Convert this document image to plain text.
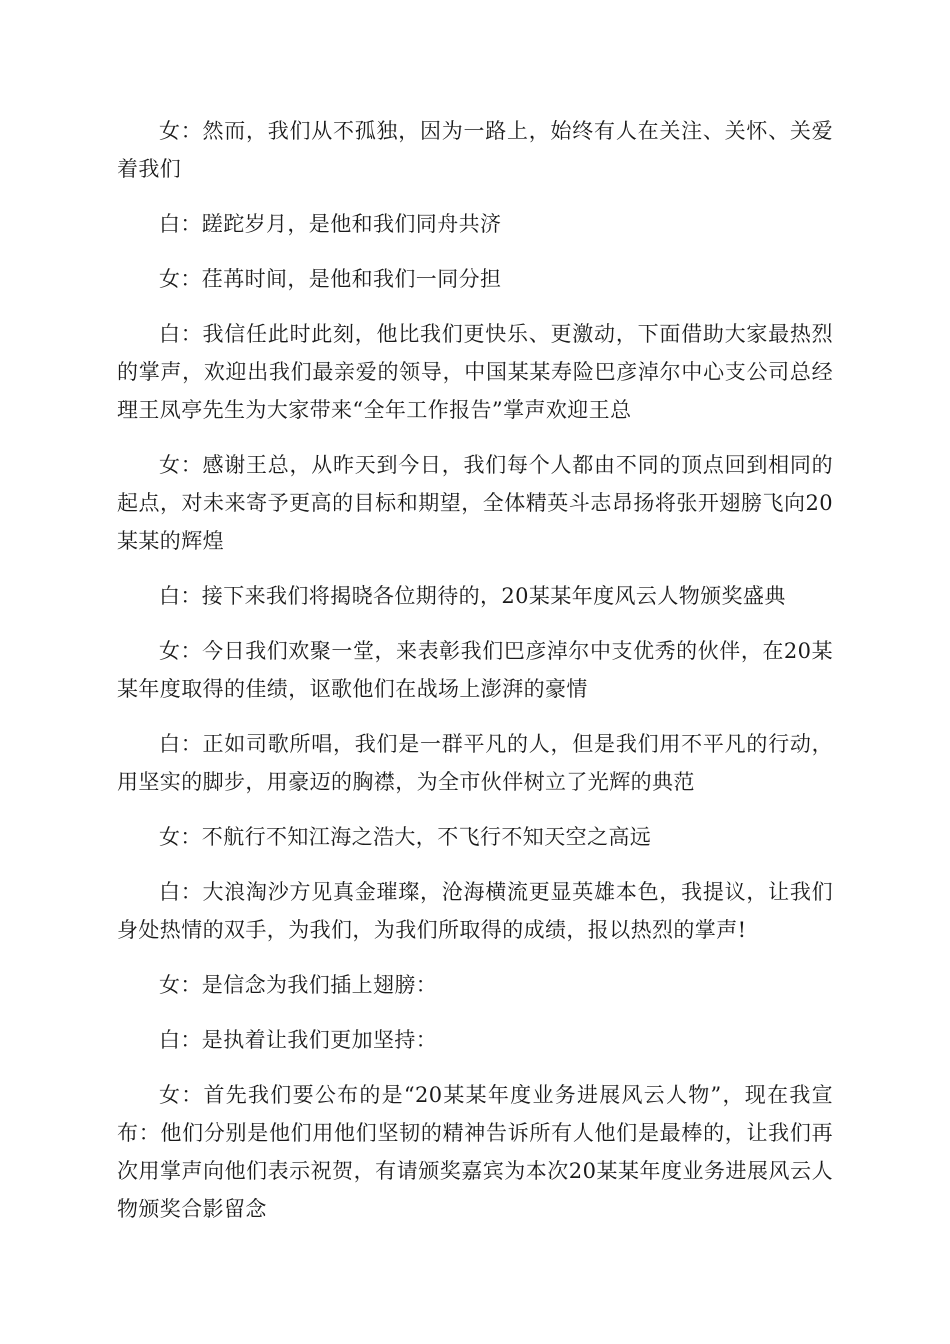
女：然而，我们从不孤独，因为一路上，始终有人在关注、关怀、关爱着我们

白：蹉跎岁月，是他和我们同舟共济

女：荏苒时间，是他和我们一同分担

白：我信任此时此刻，他比我们更快乐、更激动，下面借助大家最热烈的掌声，欢迎出我们最亲爱的领导，中国某某寿险巴彦淖尔中心支公司总经理王凤亭先生为大家带来“全年工作报告”掌声欢迎王总

女：感谢王总，从昨天到今日，我们每个人都由不同的顶点回到相同的起点，对未来寄予更高的目标和期望，全体精英斗志昂扬将张开翅膀飞向20某某的辉煌

白：接下来我们将揭晓各位期待的，20某某年度风云人物颁奖盛典

女：今日我们欢聚一堂，来表彰我们巴彦淖尔中支优秀的伙伴，在20某某年度取得的佳绩，讴歌他们在战场上澎湃的豪情

白：正如司歌所唱，我们是一群平凡的人，但是我们用不平凡的行动，用坚实的脚步，用豪迈的胸襟，为全市伙伴树立了光辉的典范

女：不航行不知江海之浩大，不飞行不知天空之高远

白：大浪淘沙方见真金璀璨，沧海横流更显英雄本色，我提议，让我们身处热情的双手，为我们，为我们所取得的成绩，报以热烈的掌声!

女：是信念为我们插上翅膀：

白：是执着让我们更加坚持：

女：首先我们要公布的是“20某某年度业务进展风云人物”，现在我宣布：他们分别是他们用他们坚韧的精神告诉所有人他们是最棒的，让我们再次用掌声向他们表示祝贺，有请颁奖嘉宾为本次20某某年度业务进展风云人物颁奖合影留念
